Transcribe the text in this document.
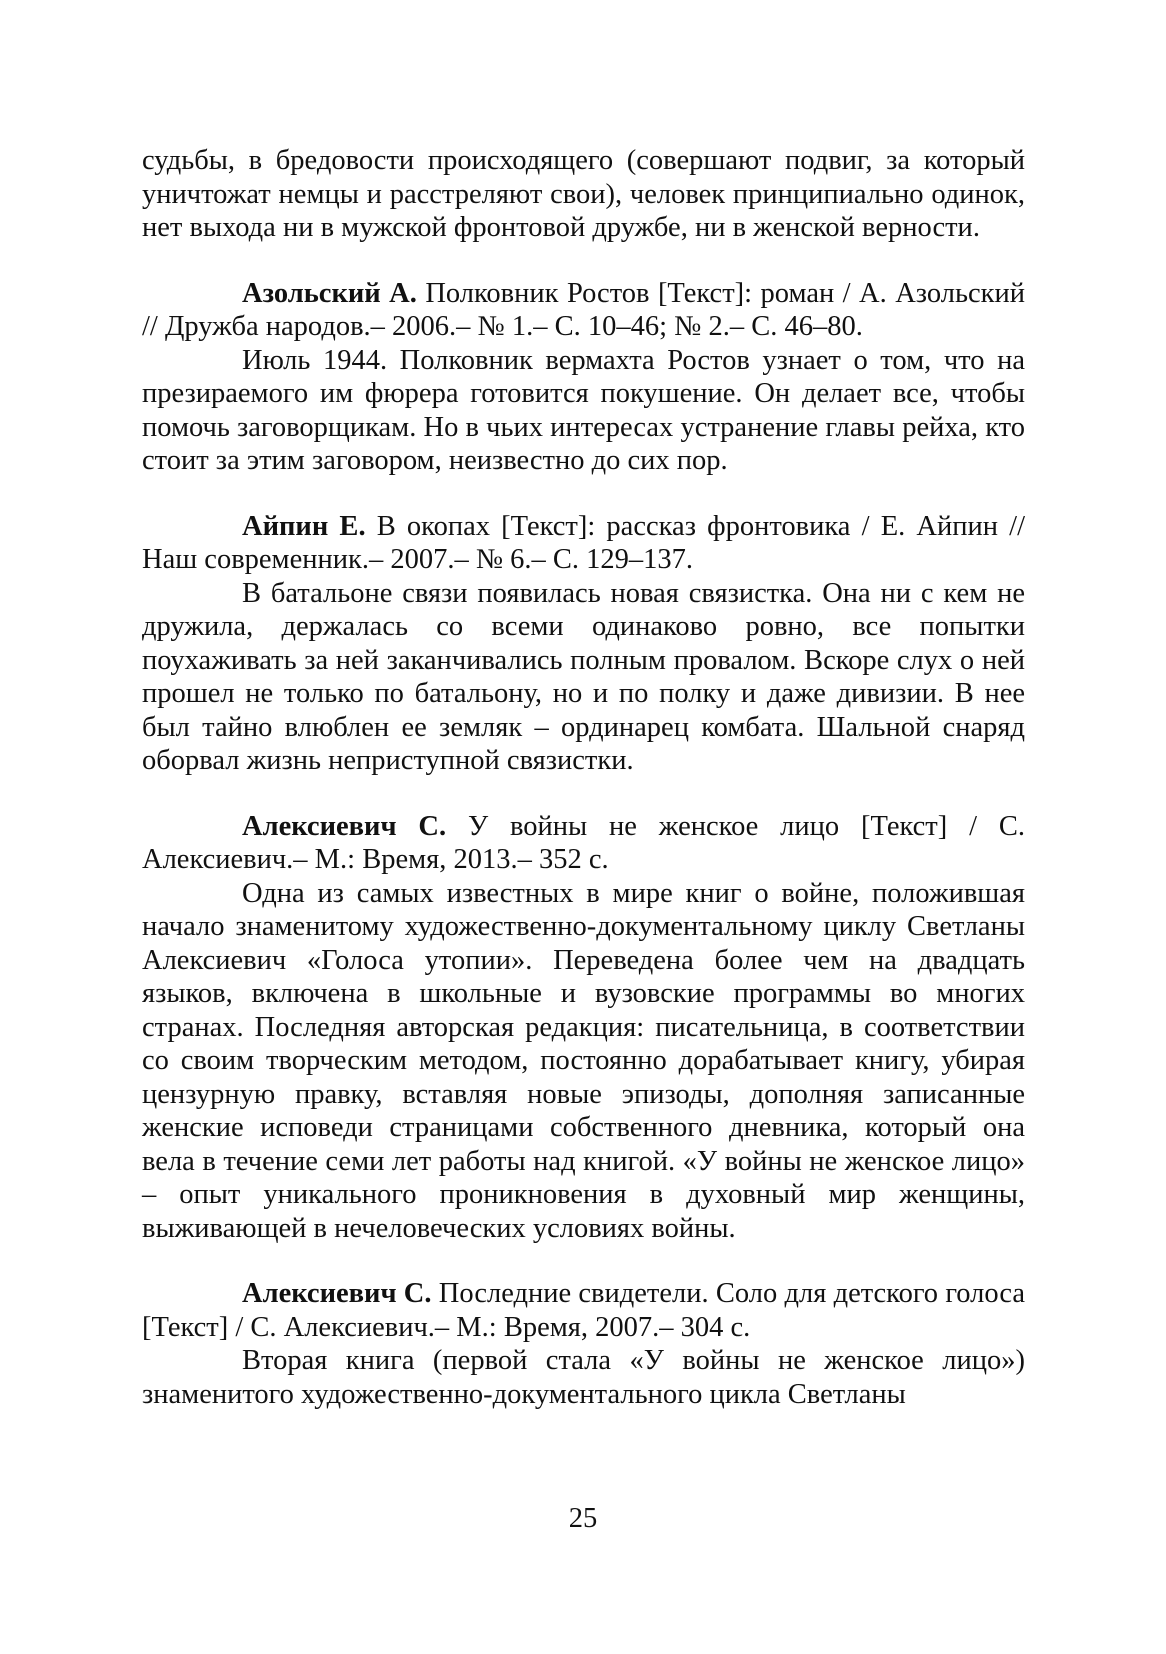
судьбы, в бредовости происходящего (совершают подвиг, за который уничтожат немцы и расстреляют свои), человек принципиально одинок, нет выхода ни в мужской фронтовой дружбе, ни в женской верности.

Азольский А. Полковник Ростов [Текст]: роман / А. Азольский // Дружба народов.– 2006.– № 1.– С. 10–46; № 2.– С. 46–80.

Июль 1944. Полковник вермахта Ростов узнает о том, что на презираемого им фюрера готовится покушение. Он делает все, чтобы помочь заговорщикам. Но в чьих интересах устранение главы рейха, кто стоит за этим заговором, неизвестно до сих пор.

Айпин Е. В окопах [Текст]: рассказ фронтовика / Е. Айпин // Наш современник.– 2007.– № 6.– С. 129–137.

В батальоне связи появилась новая связистка. Она ни с кем не дружила, держалась со всеми одинаково ровно, все попытки поухаживать за ней заканчивались полным провалом. Вскоре слух о ней прошел не только по батальону, но и по полку и даже дивизии. В нее был тайно влюблен ее земляк – ординарец комбата. Шальной снаряд оборвал жизнь неприступной связистки.

Алексиевич С. У войны не женское лицо [Текст] / С. Алексиевич.– М.: Время, 2013.– 352 с.

Одна из самых известных в мире книг о войне, положившая начало знаменитому художественно-документальному циклу Светланы Алексиевич «Голоса утопии». Переведена более чем на двадцать языков, включена в школьные и вузовские программы во многих странах. Последняя авторская редакция: писательница, в соответствии со своим творческим методом, постоянно дорабатывает книгу, убирая цензурную правку, вставляя новые эпизоды, дополняя записанные женские исповеди страницами собственного дневника, который она вела в течение семи лет работы над книгой. «У войны не женское лицо» – опыт уникального проникновения в духовный мир женщины, выживающей в нечеловеческих условиях войны.

Алексиевич С. Последние свидетели. Соло для детского голоса [Текст] / С. Алексиевич.– М.: Время, 2007.– 304 с.

Вторая книга (первой стала «У войны не женское лицо») знаменитого художественно-документального цикла Светланы

25
